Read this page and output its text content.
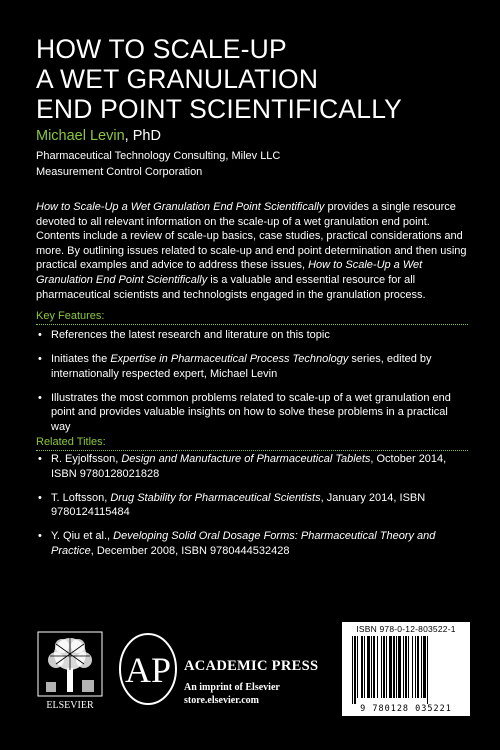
HOW TO SCALE-UP
A WET GRANULATION
END POINT SCIENTIFICALLY
Michael Levin, PhD
Pharmaceutical Technology Consulting, Milev LLC
Measurement Control Corporation
How to Scale-Up a Wet Granulation End Point Scientifically provides a single resource devoted to all relevant information on the scale-up of a wet granulation end point. Contents include a review of scale-up basics, case studies, practical considerations and more. By outlining issues related to scale-up and end point determination and then using practical examples and advice to address these issues, How to Scale-Up a Wet Granulation End Point Scientifically is a valuable and essential resource for all pharmaceutical scientists and technologists engaged in the granulation process.
Key Features:
• References the latest research and literature on this topic
• Initiates the Expertise in Pharmaceutical Process Technology series, edited by internationally respected expert, Michael Levin
• Illustrates the most common problems related to scale-up of a wet granulation end point and provides valuable insights on how to solve these problems in a practical way
Related Titles:
• R. Eyjolfsson, Design and Manufacture of Pharmaceutical Tablets, October 2014, ISBN 9780128021828
• T. Loftsson, Drug Stability for Pharmaceutical Scientists, January 2014, ISBN 9780124115484
• Y. Qiu et al., Developing Solid Oral Dosage Forms: Pharmaceutical Theory and Practice, December 2008, ISBN 9780444532428
ELSEVIER
AP ACADEMIC PRESS
An imprint of Elsevier
store.elsevier.com
ISBN 978-0-12-803522-1
9 780128 035221
